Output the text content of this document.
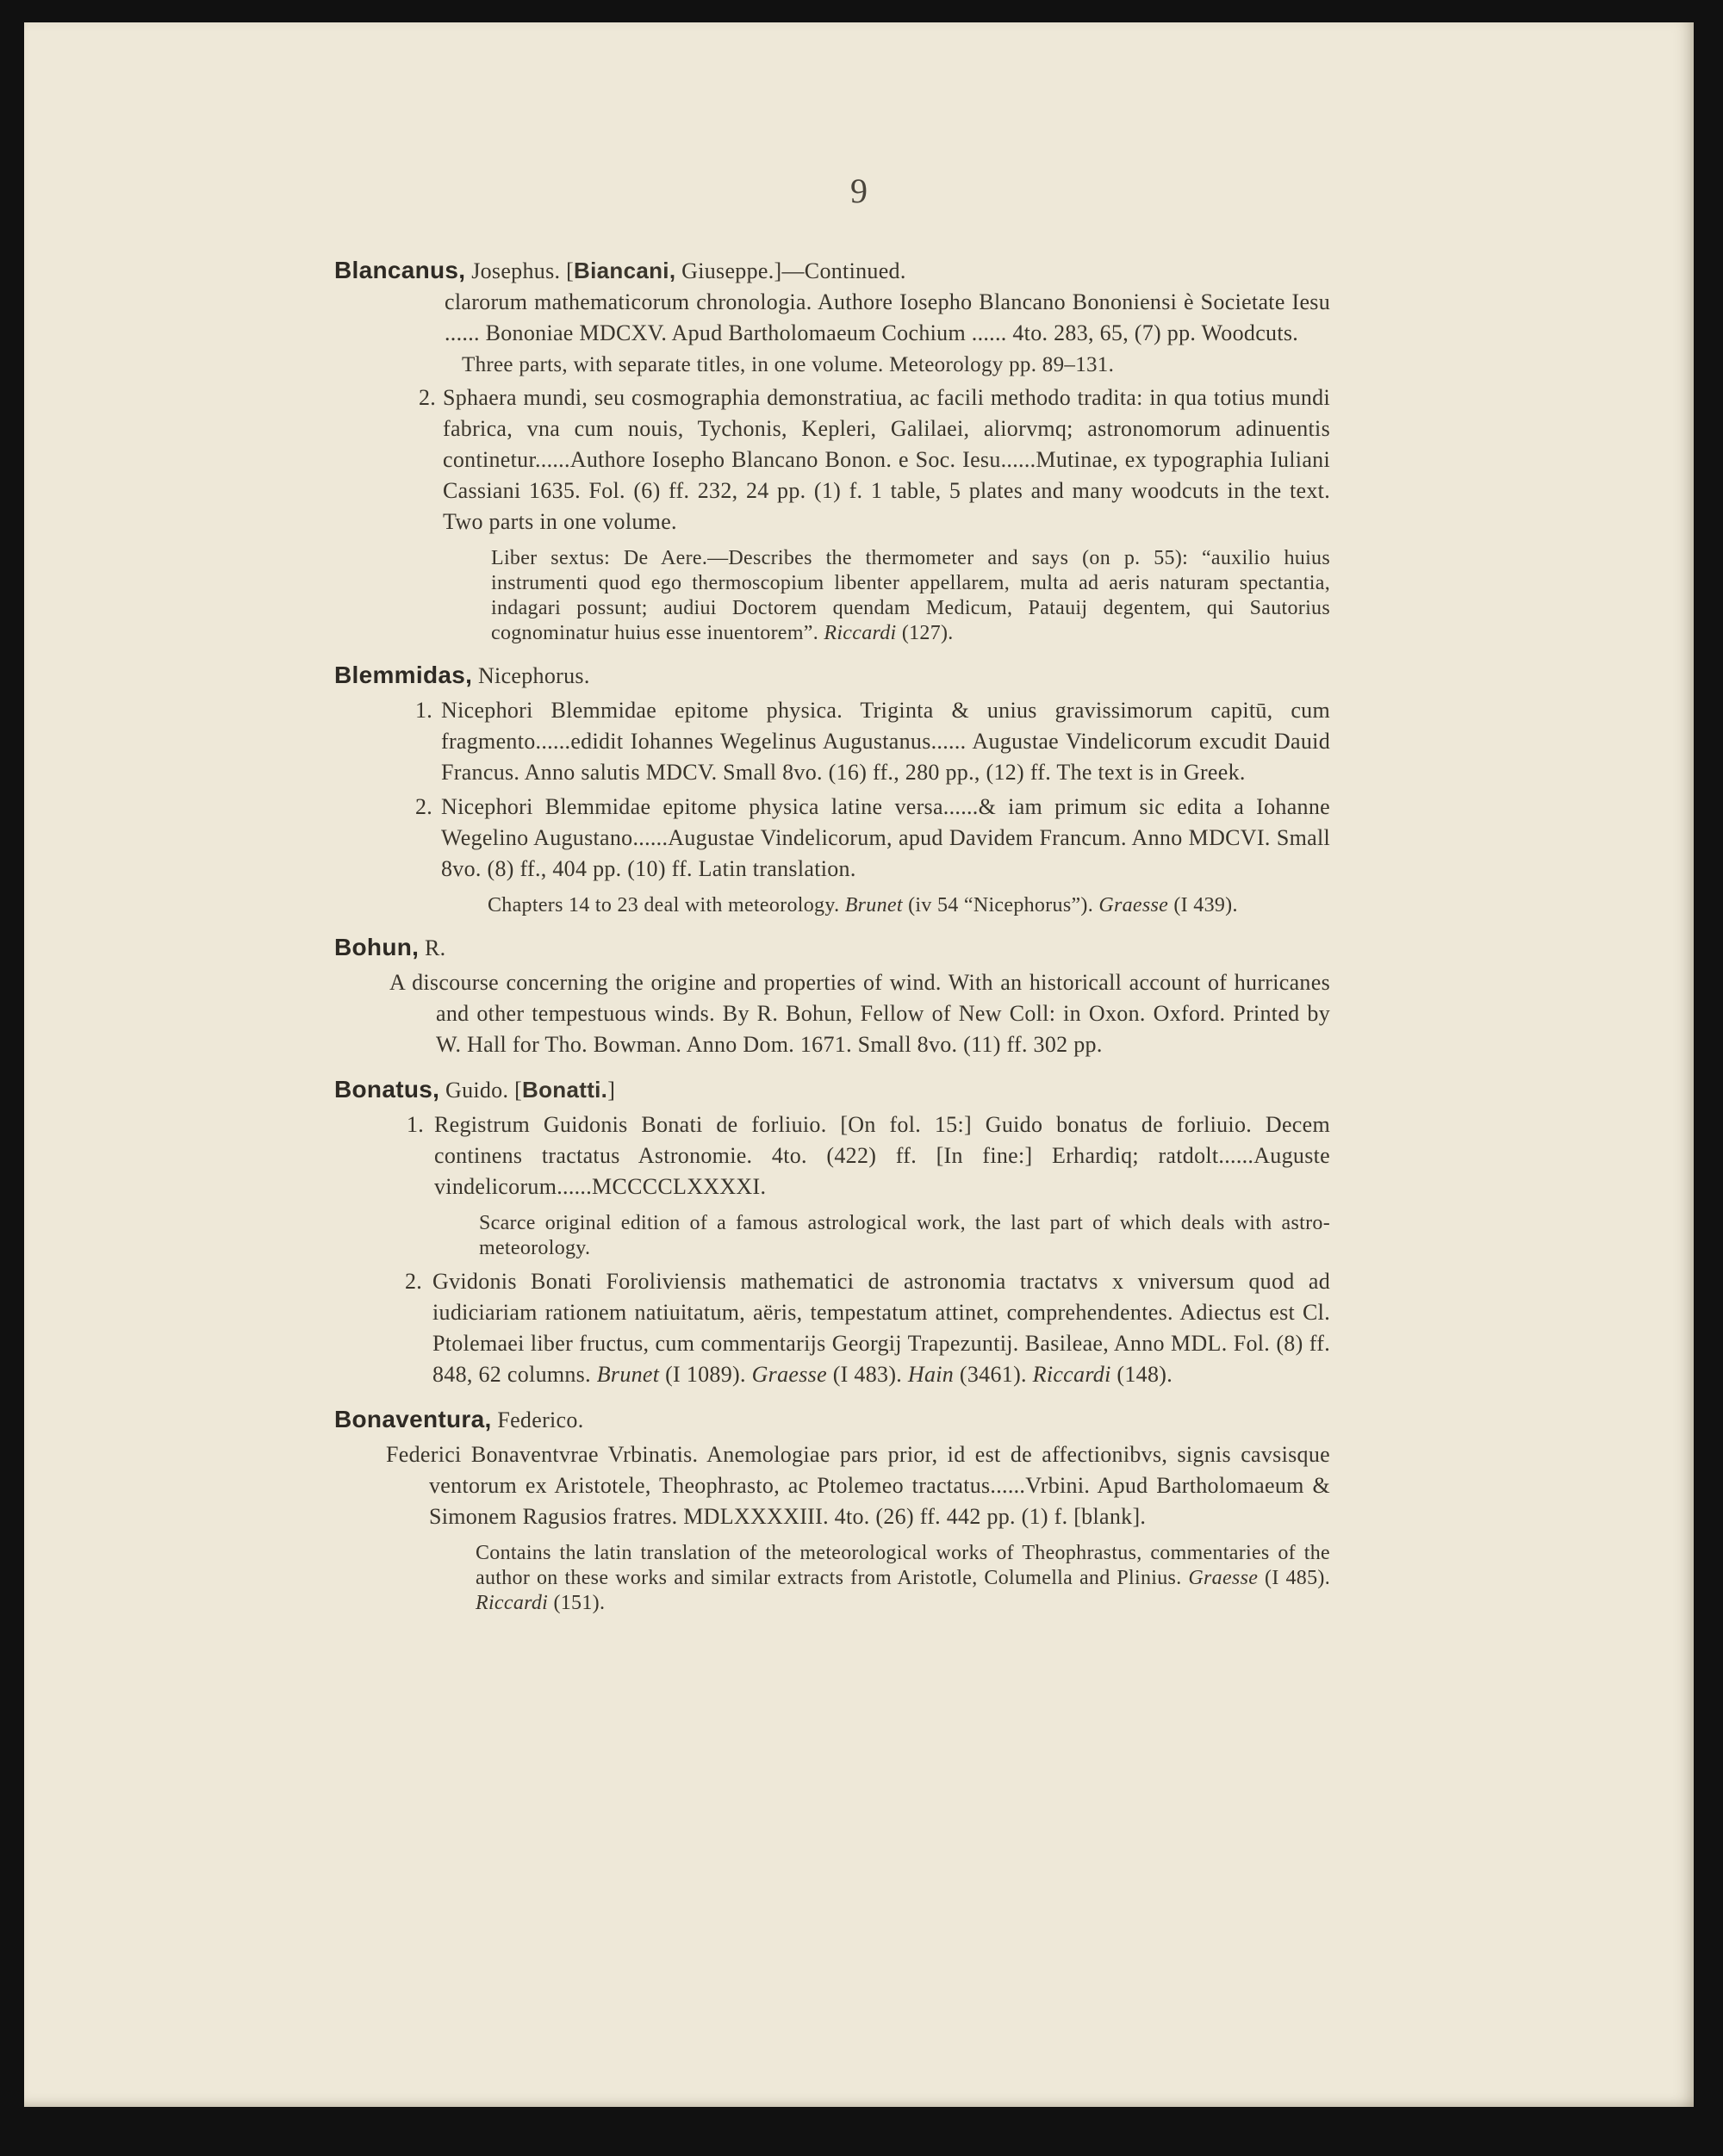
9

Blancanus, Josephus. [Biancani, Giuseppe.]—Continued.

clarorum mathematicorum chronologia. Authore Iosepho Blancano Bononiensi è Societate Iesu ...... Bononiae MDCXV. Apud Bartholomaeum Cochium ...... 4to. 283, 65, (7) pp. Woodcuts.

Three parts, with separate titles, in one volume. Meteorology pp. 89–131.

2. Sphaera mundi, seu cosmographia demonstratiua, ac facili methodo tradita: in qua totius mundi fabrica, vna cum nouis, Tychonis, Kepleri, Galilaei, aliorvmq; astronomorum adinuentis continetur......Authore Iosepho Blancano Bonon. e Soc. Iesu......Mutinae, ex typographia Iuliani Cassiani 1635. Fol. (6) ff. 232, 24 pp. (1) f. 1 table, 5 plates and many woodcuts in the text. Two parts in one volume.

Liber sextus: De Aere.—Describes the thermometer and says (on p. 55): “auxilio huius instrumenti quod ego thermoscopium libenter appellarem, multa ad aeris naturam spectantia, indagari possunt; audiui Doctorem quendam Medicum, Patauij degentem, qui Sautorius cognominatur huius esse inuentorem”. Riccardi (127).

Blemmidas, Nicephorus.

1. Nicephori Blemmidae epitome physica. Triginta & unius gravissimorum capitū, cum fragmento......edidit Iohannes Wegelinus Augustanus...... Augustae Vindelicorum excudit Dauid Francus. Anno salutis MDCV. Small 8vo. (16) ff., 280 pp., (12) ff. The text is in Greek.
2. Nicephori Blemmidae epitome physica latine versa......& iam primum sic edita a Iohanne Wegelino Augustano......Augustae Vindelicorum, apud Davidem Francum. Anno MDCVI. Small 8vo. (8) ff., 404 pp. (10) ff. Latin translation.

Chapters 14 to 23 deal with meteorology. Brunet (iv 54 “Nicephorus”). Graesse (I 439).

Bohun, R.

A discourse concerning the origine and properties of wind. With an historicall account of hurricanes and other tempestuous winds. By R. Bohun, Fellow of New Coll: in Oxon. Oxford. Printed by W. Hall for Tho. Bowman. Anno Dom. 1671. Small 8vo. (11) ff. 302 pp.

Bonatus, Guido. [Bonatti.]

1. Registrum Guidonis Bonati de forliuio. [On fol. 15:] Guido bonatus de forliuio. Decem continens tractatus Astronomie. 4to. (422) ff. [In fine:] Erhardiq; ratdolt......Auguste vindelicorum......MCCCCLXXXXI.

Scarce original edition of a famous astrological work, the last part of which deals with astro-meteorology.

2. Gvidonis Bonati Foroliviensis mathematici de astronomia tractatvs x vniversum quod ad iudiciariam rationem natiuitatum, aëris, tempestatum attinet, comprehendentes. Adiectus est Cl. Ptolemaei liber fructus, cum commentarijs Georgij Trapezuntij. Basileae, Anno MDL. Fol. (8) ff. 848, 62 columns. Brunet (I 1089). Graesse (I 483). Hain (3461). Riccardi (148).

Bonaventura, Federico.

Federici Bonaventvrae Vrbinatis. Anemologiae pars prior, id est de affectionibvs, signis cavsisque ventorum ex Aristotele, Theophrasto, ac Ptolemeo tractatus......Vrbini. Apud Bartholomaeum & Simonem Ragusios fratres. MDLXXXXIII. 4to. (26) ff. 442 pp. (1) f. [blank].

Contains the latin translation of the meteorological works of Theophrastus, commentaries of the author on these works and similar extracts from Aristotle, Columella and Plinius. Graesse (I 485). Riccardi (151).
